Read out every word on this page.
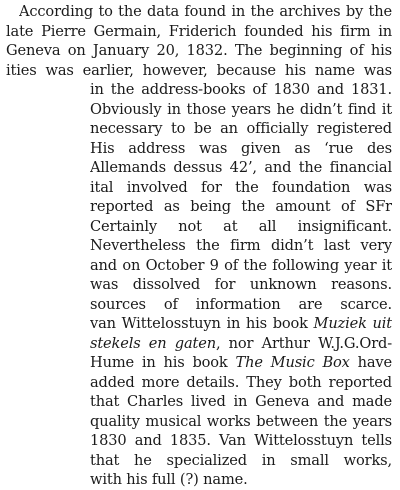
According to the data found in the archives by the
late Pierre Germain, Friderich founded his firm in
Geneva on January 20, 1832. The beginning of his
ities was earlier, however, because his name was
in the address-books of 1830 and 1831.
Obviously in those years he didn’t find it
necessary to be an officially registered
His address was given as ‘rue des
Allemands dessus 42’, and the financial
ital involved for the foundation was
reported as being the amount of SFr
Certainly not at all insignificant.
Nevertheless the firm didn’t last very
and on October 9 of the following year it
was dissolved for unknown reasons.
sources of information are scarce.
van Wittelosstuyn in his book Muziek uit
stekels en gaten, nor Arthur W.J.G.Ord-
Hume in his book The Music Box have
added more details. They both reported
that Charles lived in Geneva and made
quality musical works between the years
1830 and 1835. Van Wittelosstuyn tells
that he specialized in small works,
with his full (?) name.
